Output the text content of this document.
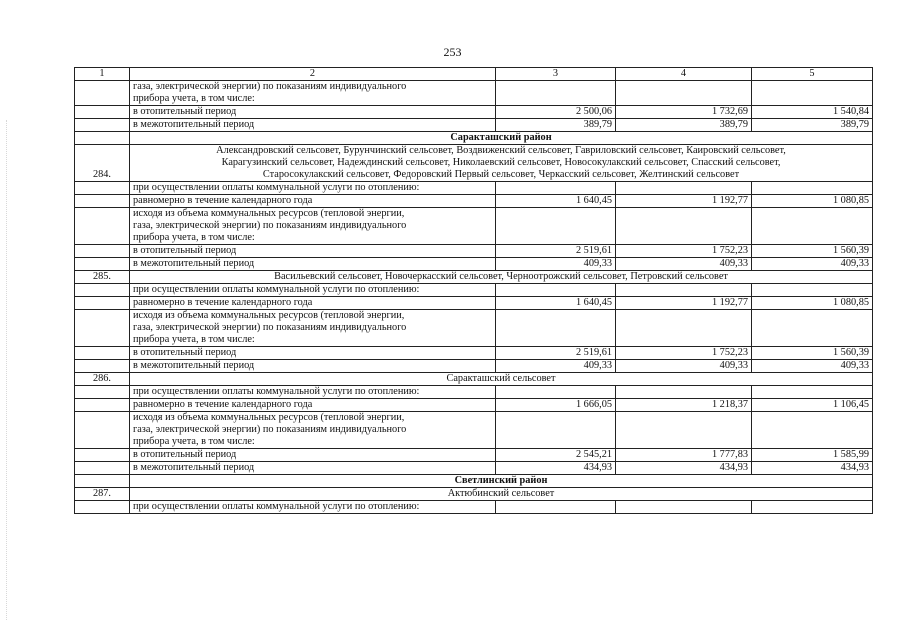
253
1	2	3	4	5

	газа, электрической энергии) по показаниям индивидуального
прибора учета, в том числе:			

	в отопительный период	2 500,06	1 732,69	1 540,84
	в межотопительный период	389,79	389,79	389,79
	Саракташский район			
284.	Александровский сельсовет, Бурунчинский сельсовет, Воздвиженский сельсовет, Гавриловский сельсовет, Каировский сельсовет,
Карагузинский сельсовет, Надеждинский сельсовет, Николаевский сельсовет, Новосокулакский сельсовет, Спасский сельсовет,
Старосокулакский сельсовет, Федоровский Первый сельсовет, Черкасский сельсовет, Желтинский сельсовет			

	при осуществлении оплаты коммунальной услуги по отоплению:			
	равномерно в течение календарного года	1 640,45	1 192,77	1 080,85

	исходя из объема коммунальных ресурсов (тепловой энергии,
газа, электрической энергии) по показаниям индивидуального
прибора учета, в том числе:			

	в отопительный период	2 519,61	1 752,23	1 560,39
	в межотопительный период	409,33	409,33	409,33
285.	Васильевский сельсовет, Новочеркасский сельсовет, Черноотрожский сельсовет, Петровский сельсовет			

	при осуществлении оплаты коммунальной услуги по отоплению:			
	равномерно в течение календарного года	1 640,45	1 192,77	1 080,85

	исходя из объема коммунальных ресурсов (тепловой энергии,
газа, электрической энергии) по показаниям индивидуального
прибора учета, в том числе:			

	в отопительный период	2 519,61	1 752,23	1 560,39
	в межотопительный период	409,33	409,33	409,33
286.	Саракташский сельсовет			

	при осуществлении оплаты коммунальной услуги по отоплению:			
	равномерно в течение календарного года	1 666,05	1 218,37	1 106,45

	исходя из объема коммунальных ресурсов (тепловой энергии,
газа, электрической энергии) по показаниям индивидуального
прибора учета, в том числе:			

	в отопительный период	2 545,21	1 777,83	1 585,99
	в межотопительный период	434,93	434,93	434,93
	Светлинский район			
287.	Актюбинский сельсовет			

	при осуществлении оплаты коммунальной услуги по отоплению:			
